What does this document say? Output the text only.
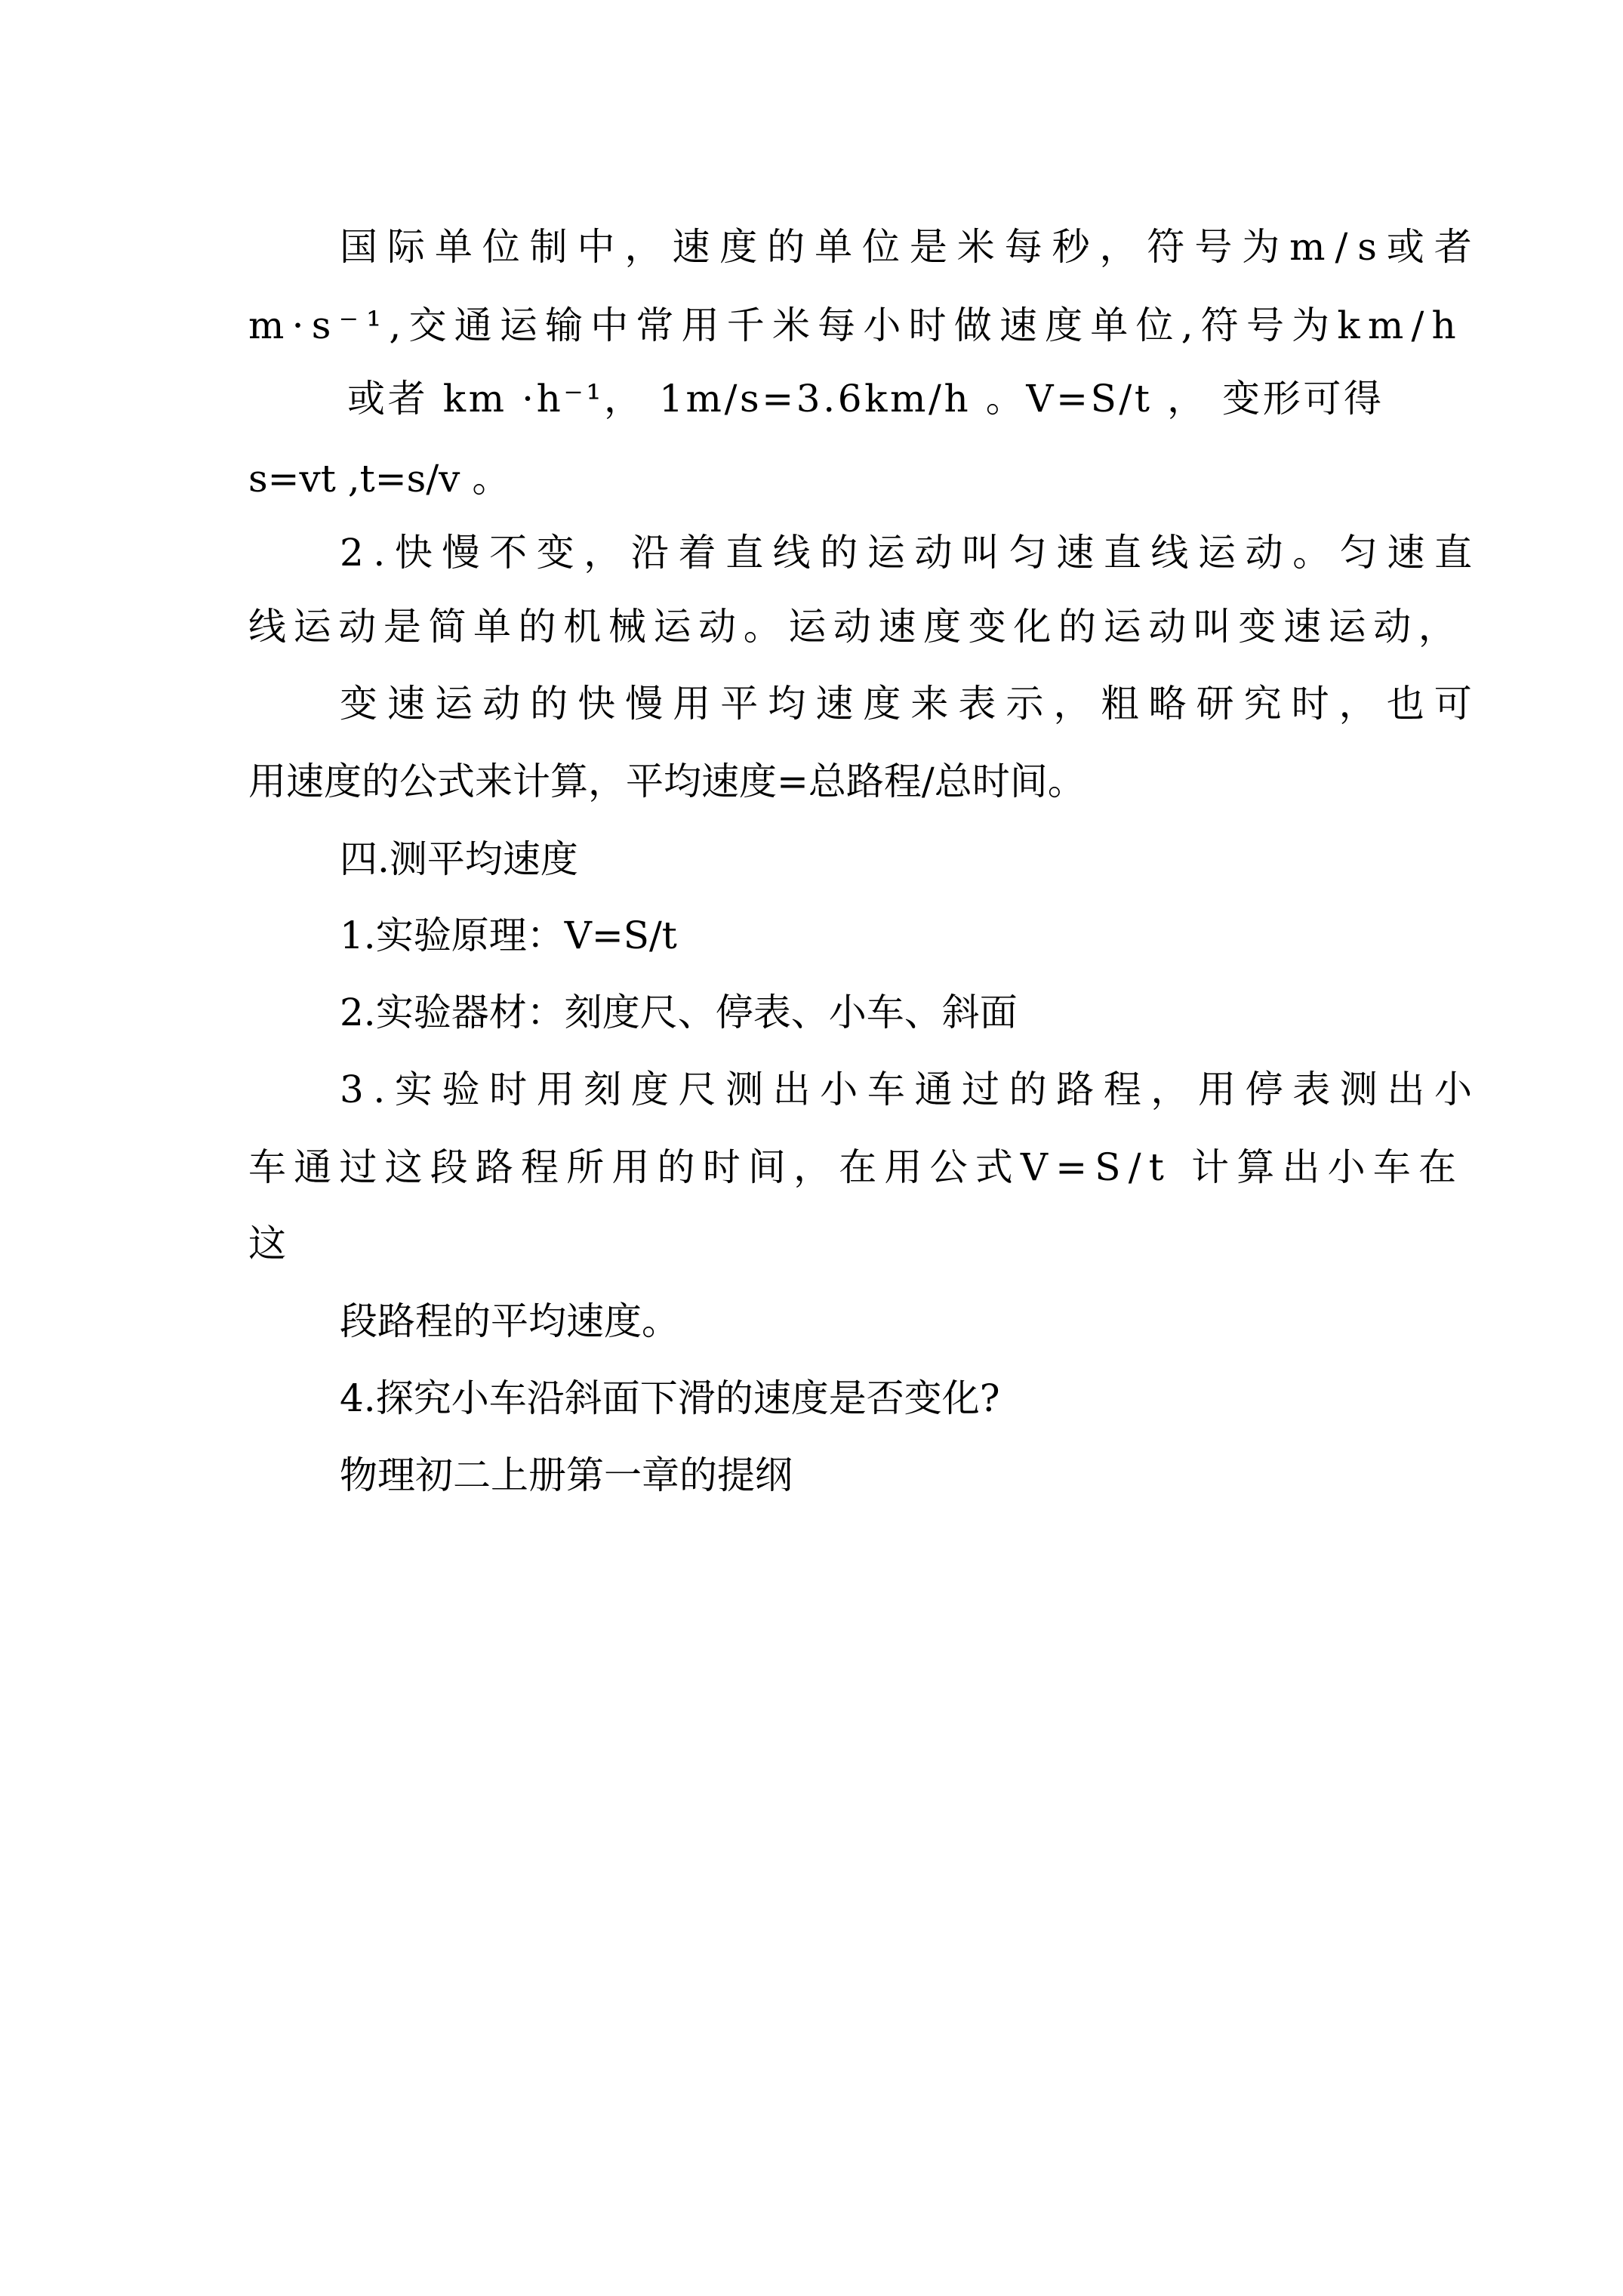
国 际 单 位 制 中 ， 速 度 的 单 位 是 米 每 秒 ， 符 号 为 m / s 或 者

m · s ⁻ ¹ , 交 通 运 输 中 常 用 千 米 每 小 时 做 速 度 单 位 , 符 号 为 k m / h

或 者
k m
· h ⁻ ¹ ，
1 m / s = 3 . 6 k m / h
。 V = S / t
，
变 形 可 得

s=vt ,t=s/v 。

2 . 快 慢 不 变 ， 沿 着 直 线 的 运 动 叫 匀 速 直 线 运 动 。 匀 速 直

线 运 动 是 简 单 的 机 械 运 动 。 运 动 速 度 变 化 的 运 动 叫 变 速 运 动 ，

变 速 运 动 的 快 慢 用 平 均 速 度 来 表 示 ， 粗 略 研 究 时 ， 也 可

用速度的公式来计算，平均速度=总路程/总时间。

四.测平均速度

1.实验原理：V=S/t

2.实验器材：刻度尺、停表、小车、斜面

3 . 实 验 时 用 刻 度 尺 测 出 小 车 通 过 的 路 程 ， 用 停 表 测 出 小

车 通 过 这 段 路 程 所 用 的 时 间 ， 在 用 公 式 V = S / t
计 算 出 小 车 在

这

段路程的平均速度。

4.探究小车沿斜面下滑的速度是否变化?

物理初二上册第一章的提纲
